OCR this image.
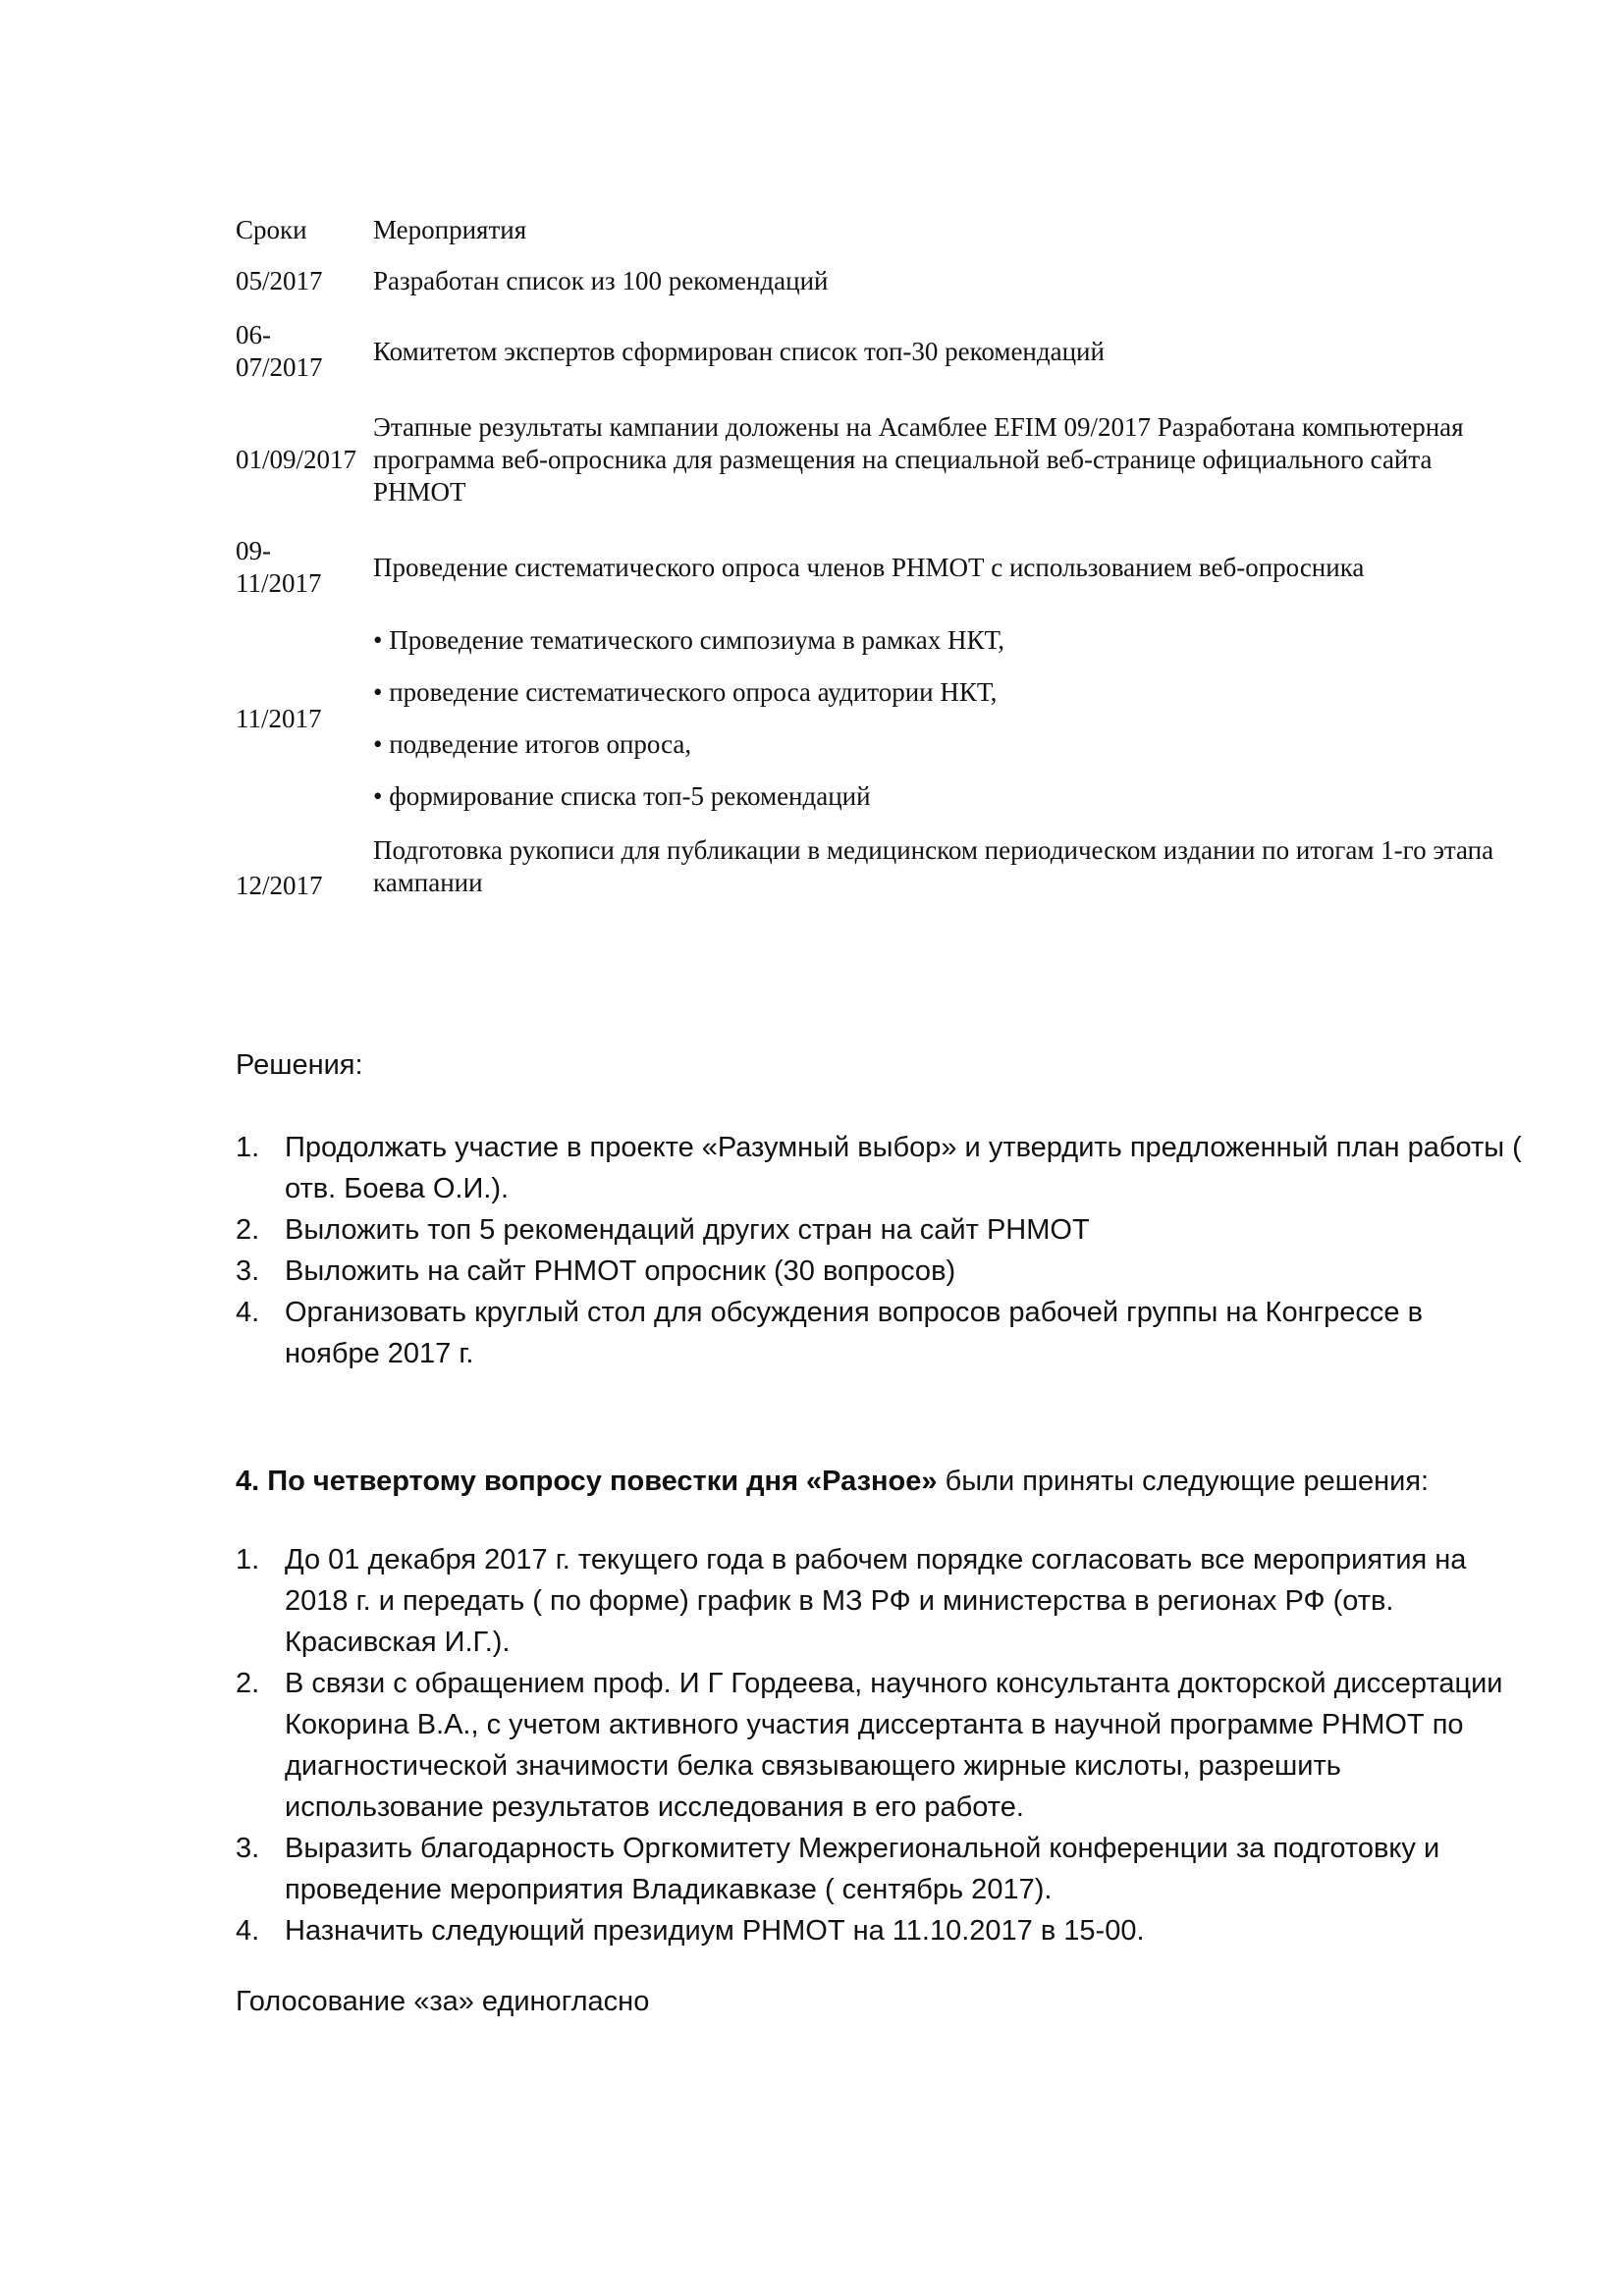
Сроки	Мероприятия
05/2017	Разработан список из 100 рекомендаций
06-
07/2017
Комитетом экспертов сформирован список топ-30 рекомендаций
01/09/2017
Этапные результаты кампании доложены на Асамблее EFIM 09/2017 Разработана компьютерная программа веб-опросника для размещения на специальной веб-странице официального сайта РНМОТ
09-
11/2017
Проведение систематического опроса членов РНМОТ с использованием веб-опросника
11/2017
• Проведение тематического симпозиума в рамках НКТ,
• проведение систематического опроса аудитории НКТ,
• подведение итогов опроса,
• формирование списка топ-5 рекомендаций
12/2017
Подготовка рукописи для публикации в медицинском периодическом издании по итогам 1-го этапа кампании
Решения:
1. Продолжать участие в проекте «Разумный выбор» и утвердить предложенный план работы ( отв. Боева О.И.).
2. Выложить топ 5 рекомендаций других стран на сайт РНМОТ
3. Выложить на сайт РНМОТ опросник (30 вопросов)
4. Организовать круглый стол для обсуждения вопросов рабочей группы на Конгрессе в ноябре 2017 г.
4. По четвертому вопросу повестки дня «Разное» были приняты следующие решения:
1. До 01 декабря 2017 г. текущего года в рабочем порядке согласовать все мероприятия на 2018 г. и передать ( по форме) график в МЗ РФ и министерства в регионах РФ (отв. Красивская И.Г.).
2. В связи с обращением проф. И Г Гордеева, научного консультанта докторской диссертации Кокорина В.А., с учетом активного участия диссертанта в научной программе РНМОТ по диагностической значимости белка связывающего жирные кислоты, разрешить использование результатов исследования в его работе.
3. Выразить благодарность Оргкомитету Межрегиональной конференции за подготовку и проведение мероприятия Владикавказе ( сентябрь 2017).
4. Назначить следующий президиум РНМОТ на 11.10.2017 в 15-00.
Голосование «за» единогласно
